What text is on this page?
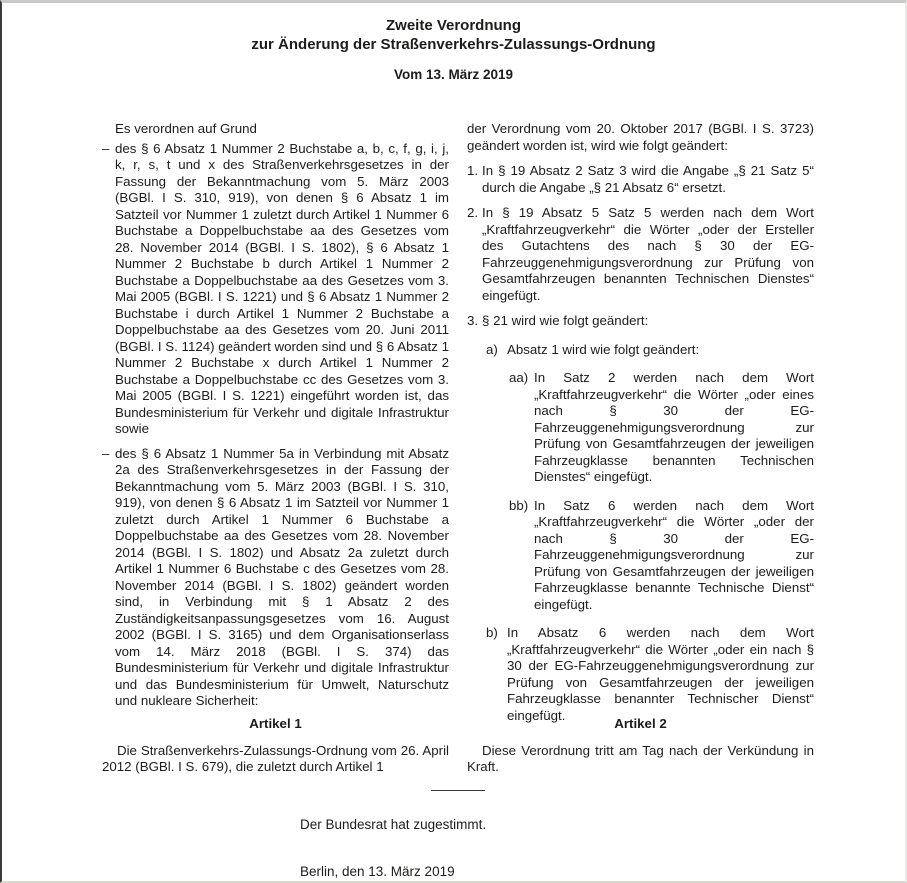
Zweite Verordnung
zur Änderung der Straßenverkehrs-Zulassungs-Ordnung
Vom 13. März 2019

Es verordnen auf Grund

– des § 6 Absatz 1 Nummer 2 Buchstabe a, b, c, f, g, i, j, k, r, s, t und x des Straßenverkehrsgesetzes in der Fassung der Bekanntmachung vom 5. März 2003 (BGBl. I S. 310, 919), von denen § 6 Absatz 1 im Satzteil vor Nummer 1 zuletzt durch Artikel 1 Nummer 6 Buchstabe a Doppelbuchstabe aa des Gesetzes vom 28. November 2014 (BGBl. I S. 1802), § 6 Absatz 1 Nummer 2 Buchstabe b durch Artikel 1 Nummer 2 Buchstabe a Doppelbuchstabe aa des Gesetzes vom 3. Mai 2005 (BGBl. I S. 1221) und § 6 Absatz 1 Nummer 2 Buchstabe i durch Artikel 1 Nummer 2 Buchstabe a Doppelbuchstabe aa des Gesetzes vom 20. Juni 2011 (BGBl. I S. 1124) geändert worden sind und § 6 Absatz 1 Nummer 2 Buchstabe x durch Artikel 1 Nummer 2 Buchstabe a Doppelbuchstabe cc des Gesetzes vom 3. Mai 2005 (BGBl. I S. 1221) eingeführt worden ist, das Bundesministerium für Verkehr und digitale Infrastruktur sowie
– des § 6 Absatz 1 Nummer 5a in Verbindung mit Absatz 2a des Straßenverkehrsgesetzes in der Fassung der Bekanntmachung vom 5. März 2003 (BGBl. I S. 310, 919), von denen § 6 Absatz 1 im Satzteil vor Nummer 1 zuletzt durch Artikel 1 Nummer 6 Buchstabe a Doppelbuchstabe aa des Gesetzes vom 28. November 2014 (BGBl. I S. 1802) und Absatz 2a zuletzt durch Artikel 1 Nummer 6 Buchstabe c des Gesetzes vom 28. November 2014 (BGBl. I S. 1802) geändert worden sind, in Verbindung mit § 1 Absatz 2 des Zuständigkeitsanpassungsgesetzes vom 16. August 2002 (BGBl. I S. 3165) und dem Organisationserlass vom 14. März 2018 (BGBl. I S. 374) das Bundesministerium für Verkehr und digitale Infrastruktur und das Bundesministerium für Umwelt, Naturschutz und nukleare Sicherheit:

der Verordnung vom 20. Oktober 2017 (BGBl. I S. 3723) geändert worden ist, wird wie folgt geändert:

1. In § 19 Absatz 2 Satz 3 wird die Angabe „§ 21 Satz 5“ durch die Angabe „§ 21 Absatz 6“ ersetzt.
2. In § 19 Absatz 5 Satz 5 werden nach dem Wort „Kraftfahrzeugverkehr“ die Wörter „oder der Ersteller des Gutachtens des nach § 30 der EG-Fahrzeuggenehmigungsverordnung zur Prüfung von Gesamtfahrzeugen benannten Technischen Dienstes“ eingefügt.
3. § 21 wird wie folgt geändert:
a) Absatz 1 wird wie folgt geändert:
aa) In Satz 2 werden nach dem Wort „Kraftfahrzeugverkehr“ die Wörter „oder eines nach § 30 der EG-Fahrzeuggenehmigungsverordnung zur Prüfung von Gesamtfahrzeugen der jeweiligen Fahrzeugklasse benannten Technischen Dienstes“ eingefügt.
bb) In Satz 6 werden nach dem Wort „Kraftfahrzeugverkehr“ die Wörter „oder der nach § 30 der EG-Fahrzeuggenehmigungsverordnung zur Prüfung von Gesamtfahrzeugen der jeweiligen Fahrzeugklasse benannte Technische Dienst“ eingefügt.
b) In Absatz 6 werden nach dem Wort „Kraftfahrzeugverkehr“ die Wörter „oder ein nach § 30 der EG-Fahrzeuggenehmigungsverordnung zur Prüfung von Gesamtfahrzeugen der jeweiligen Fahrzeugklasse benannter Technischer Dienst“ eingefügt.
Artikel 1

Die Straßenverkehrs-Zulassungs-Ordnung vom 26. April 2012 (BGBl. I S. 679), die zuletzt durch Artikel 1

Artikel 2

Diese Verordnung tritt am Tag nach der Verkündung in Kraft.

Der Bundesrat hat zugestimmt.
Berlin, den 13. März 2019
